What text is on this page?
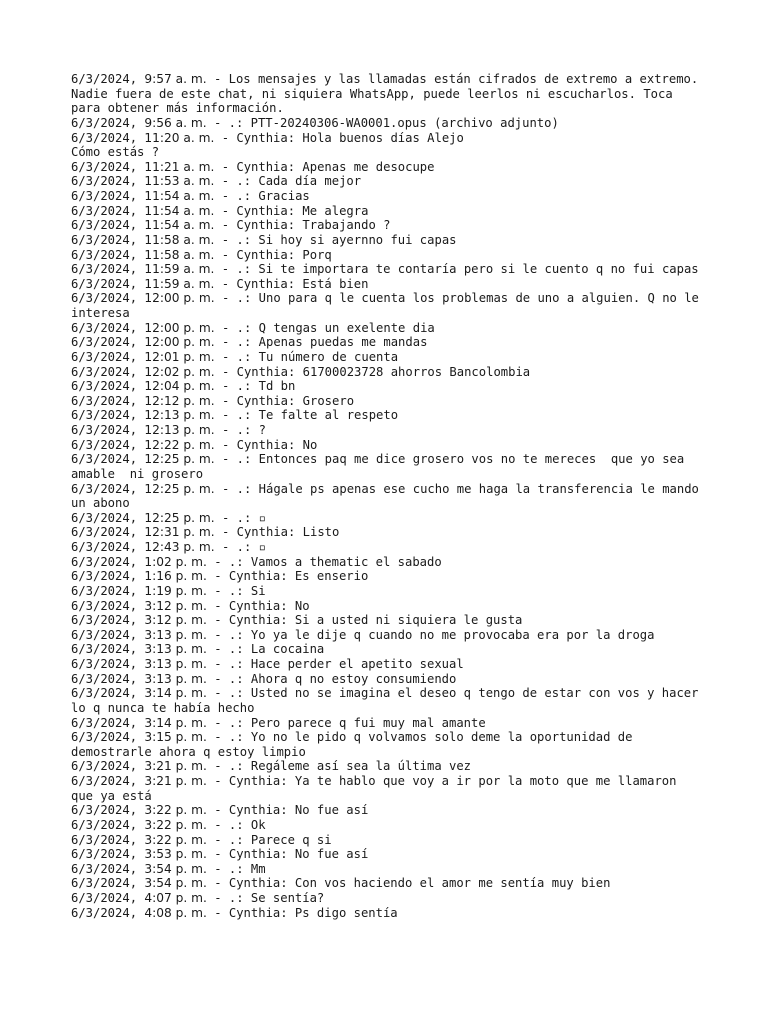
6/3/2024, 9:57 a. m. - Los mensajes y las llamadas están cifrados de extremo a extremo. Nadie fuera de este chat, ni siquiera WhatsApp, puede leerlos ni escucharlos. Toca para obtener más información.
6/3/2024, 9:56 a. m. - .: PTT-20240306-WA0001.opus (archivo adjunto)
6/3/2024, 11:20 a. m. - Cynthia: Hola buenos días Alejo
Cómo estás ?
6/3/2024, 11:21 a. m. - Cynthia: Apenas me desocupe
6/3/2024, 11:53 a. m. - .: Cada día mejor
6/3/2024, 11:54 a. m. - .: Gracias
6/3/2024, 11:54 a. m. - Cynthia: Me alegra
6/3/2024, 11:54 a. m. - Cynthia: Trabajando ?
6/3/2024, 11:58 a. m. - .: Si hoy si ayernno fui capas
6/3/2024, 11:58 a. m. - Cynthia: Porq
6/3/2024, 11:59 a. m. - .: Si te importara te contaría pero si le cuento q no fui capas
6/3/2024, 11:59 a. m. - Cynthia: Está bien
6/3/2024, 12:00 p. m. - .: Uno para q le cuenta los problemas de uno a alguien. Q no le interesa
6/3/2024, 12:00 p. m. - .: Q tengas un exelente dia
6/3/2024, 12:00 p. m. - .: Apenas puedas me mandas
6/3/2024, 12:01 p. m. - .: Tu número de cuenta
6/3/2024, 12:02 p. m. - Cynthia: 61700023728 ahorros Bancolombia
6/3/2024, 12:04 p. m. - .: Td bn
6/3/2024, 12:12 p. m. - Cynthia: Grosero
6/3/2024, 12:13 p. m. - .: Te falte al respeto
6/3/2024, 12:13 p. m. - .: ?
6/3/2024, 12:22 p. m. - Cynthia: No
6/3/2024, 12:25 p. m. - .: Entonces paq me dice grosero vos no te mereces  que yo sea amable  ni grosero
6/3/2024, 12:25 p. m. - .: Hágale ps apenas ese cucho me haga la transferencia le mando un abono
6/3/2024, 12:25 p. m. - .: ▫
6/3/2024, 12:31 p. m. - Cynthia: Listo
6/3/2024, 12:43 p. m. - .: ▫
6/3/2024, 1:02 p. m. - .: Vamos a thematic el sabado
6/3/2024, 1:16 p. m. - Cynthia: Es enserio
6/3/2024, 1:19 p. m. - .: Si
6/3/2024, 3:12 p. m. - Cynthia: No
6/3/2024, 3:12 p. m. - Cynthia: Si a usted ni siquiera le gusta
6/3/2024, 3:13 p. m. - .: Yo ya le dije q cuando no me provocaba era por la droga
6/3/2024, 3:13 p. m. - .: La cocaina
6/3/2024, 3:13 p. m. - .: Hace perder el apetito sexual
6/3/2024, 3:13 p. m. - .: Ahora q no estoy consumiendo
6/3/2024, 3:14 p. m. - .: Usted no se imagina el deseo q tengo de estar con vos y hacer lo q nunca te había hecho
6/3/2024, 3:14 p. m. - .: Pero parece q fui muy mal amante
6/3/2024, 3:15 p. m. - .: Yo no le pido q volvamos solo deme la oportunidad de demostrarle ahora q estoy limpio
6/3/2024, 3:21 p. m. - .: Regáleme así sea la última vez
6/3/2024, 3:21 p. m. - Cynthia: Ya te hablo que voy a ir por la moto que me llamaron que ya está
6/3/2024, 3:22 p. m. - Cynthia: No fue así
6/3/2024, 3:22 p. m. - .: Ok
6/3/2024, 3:22 p. m. - .: Parece q si
6/3/2024, 3:53 p. m. - Cynthia: No fue así
6/3/2024, 3:54 p. m. - .: Mm
6/3/2024, 3:54 p. m. - Cynthia: Con vos haciendo el amor me sentía muy bien
6/3/2024, 4:07 p. m. - .: Se sentía?
6/3/2024, 4:08 p. m. - Cynthia: Ps digo sentía
